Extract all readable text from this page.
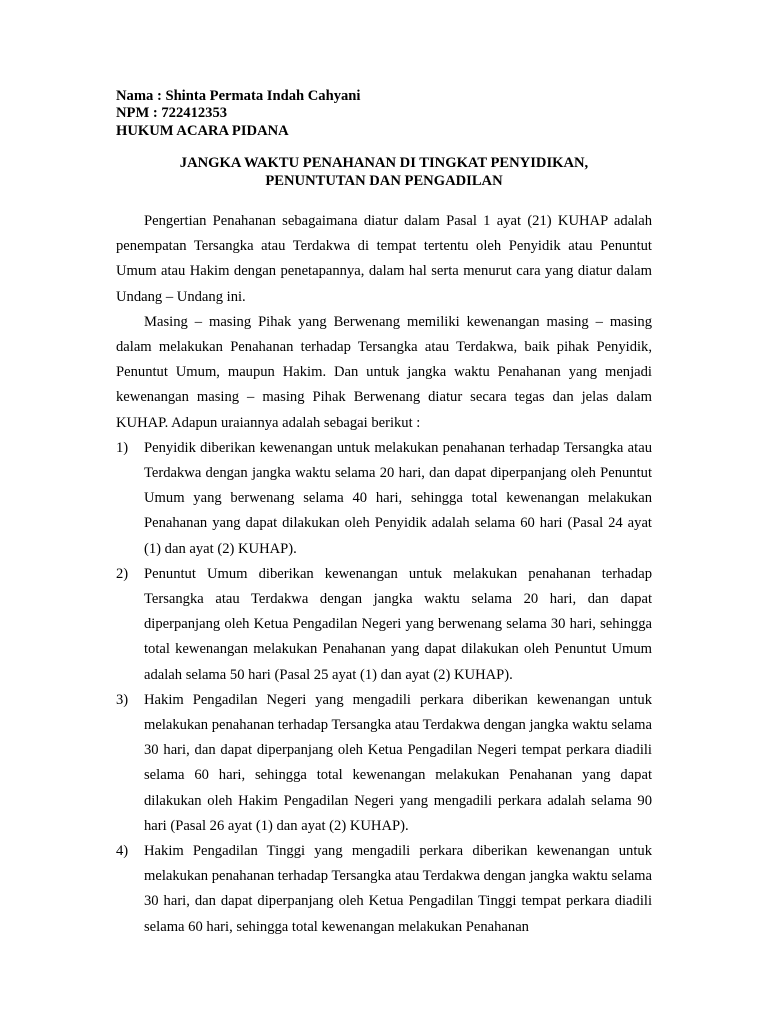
Nama : Shinta Permata Indah Cahyani
NPM : 722412353
HUKUM ACARA PIDANA
JANGKA WAKTU PENAHANAN DI TINGKAT PENYIDIKAN,
PENUNTUTAN DAN PENGADILAN

Pengertian Penahanan sebagaimana diatur dalam Pasal 1 ayat (21) KUHAP adalah penempatan Tersangka atau Terdakwa di tempat tertentu oleh Penyidik atau Penuntut Umum atau Hakim dengan penetapannya, dalam hal serta menurut cara yang diatur dalam Undang – Undang ini.

Masing – masing Pihak yang Berwenang memiliki kewenangan masing – masing dalam melakukan Penahanan terhadap Tersangka atau Terdakwa, baik pihak Penyidik, Penuntut Umum, maupun Hakim. Dan untuk jangka waktu Penahanan yang menjadi kewenangan masing – masing Pihak Berwenang diatur secara tegas dan jelas dalam KUHAP. Adapun uraiannya adalah sebagai berikut :

1) Penyidik diberikan kewenangan untuk melakukan penahanan terhadap Tersangka atau Terdakwa dengan jangka waktu selama 20 hari, dan dapat diperpanjang oleh Penuntut Umum yang berwenang selama 40 hari, sehingga total kewenangan melakukan Penahanan yang dapat dilakukan oleh Penyidik adalah selama 60 hari (Pasal 24 ayat (1) dan ayat (2) KUHAP).
2) Penuntut Umum diberikan kewenangan untuk melakukan penahanan terhadap Tersangka atau Terdakwa dengan jangka waktu selama 20 hari, dan dapat diperpanjang oleh Ketua Pengadilan Negeri yang berwenang selama 30 hari, sehingga total kewenangan melakukan Penahanan yang dapat dilakukan oleh Penuntut Umum adalah selama 50 hari (Pasal 25 ayat (1) dan ayat (2) KUHAP).
3) Hakim Pengadilan Negeri yang mengadili perkara diberikan kewenangan untuk melakukan penahanan terhadap Tersangka atau Terdakwa dengan jangka waktu selama 30 hari, dan dapat diperpanjang oleh Ketua Pengadilan Negeri tempat perkara diadili selama 60 hari, sehingga total kewenangan melakukan Penahanan yang dapat dilakukan oleh Hakim Pengadilan Negeri yang mengadili perkara adalah selama 90 hari (Pasal 26 ayat (1) dan ayat (2) KUHAP).
4) Hakim Pengadilan Tinggi yang mengadili perkara diberikan kewenangan untuk melakukan penahanan terhadap Tersangka atau Terdakwa dengan jangka waktu selama 30 hari, dan dapat diperpanjang oleh Ketua Pengadilan Tinggi tempat perkara diadili selama 60 hari, sehingga total kewenangan melakukan Penahanan
